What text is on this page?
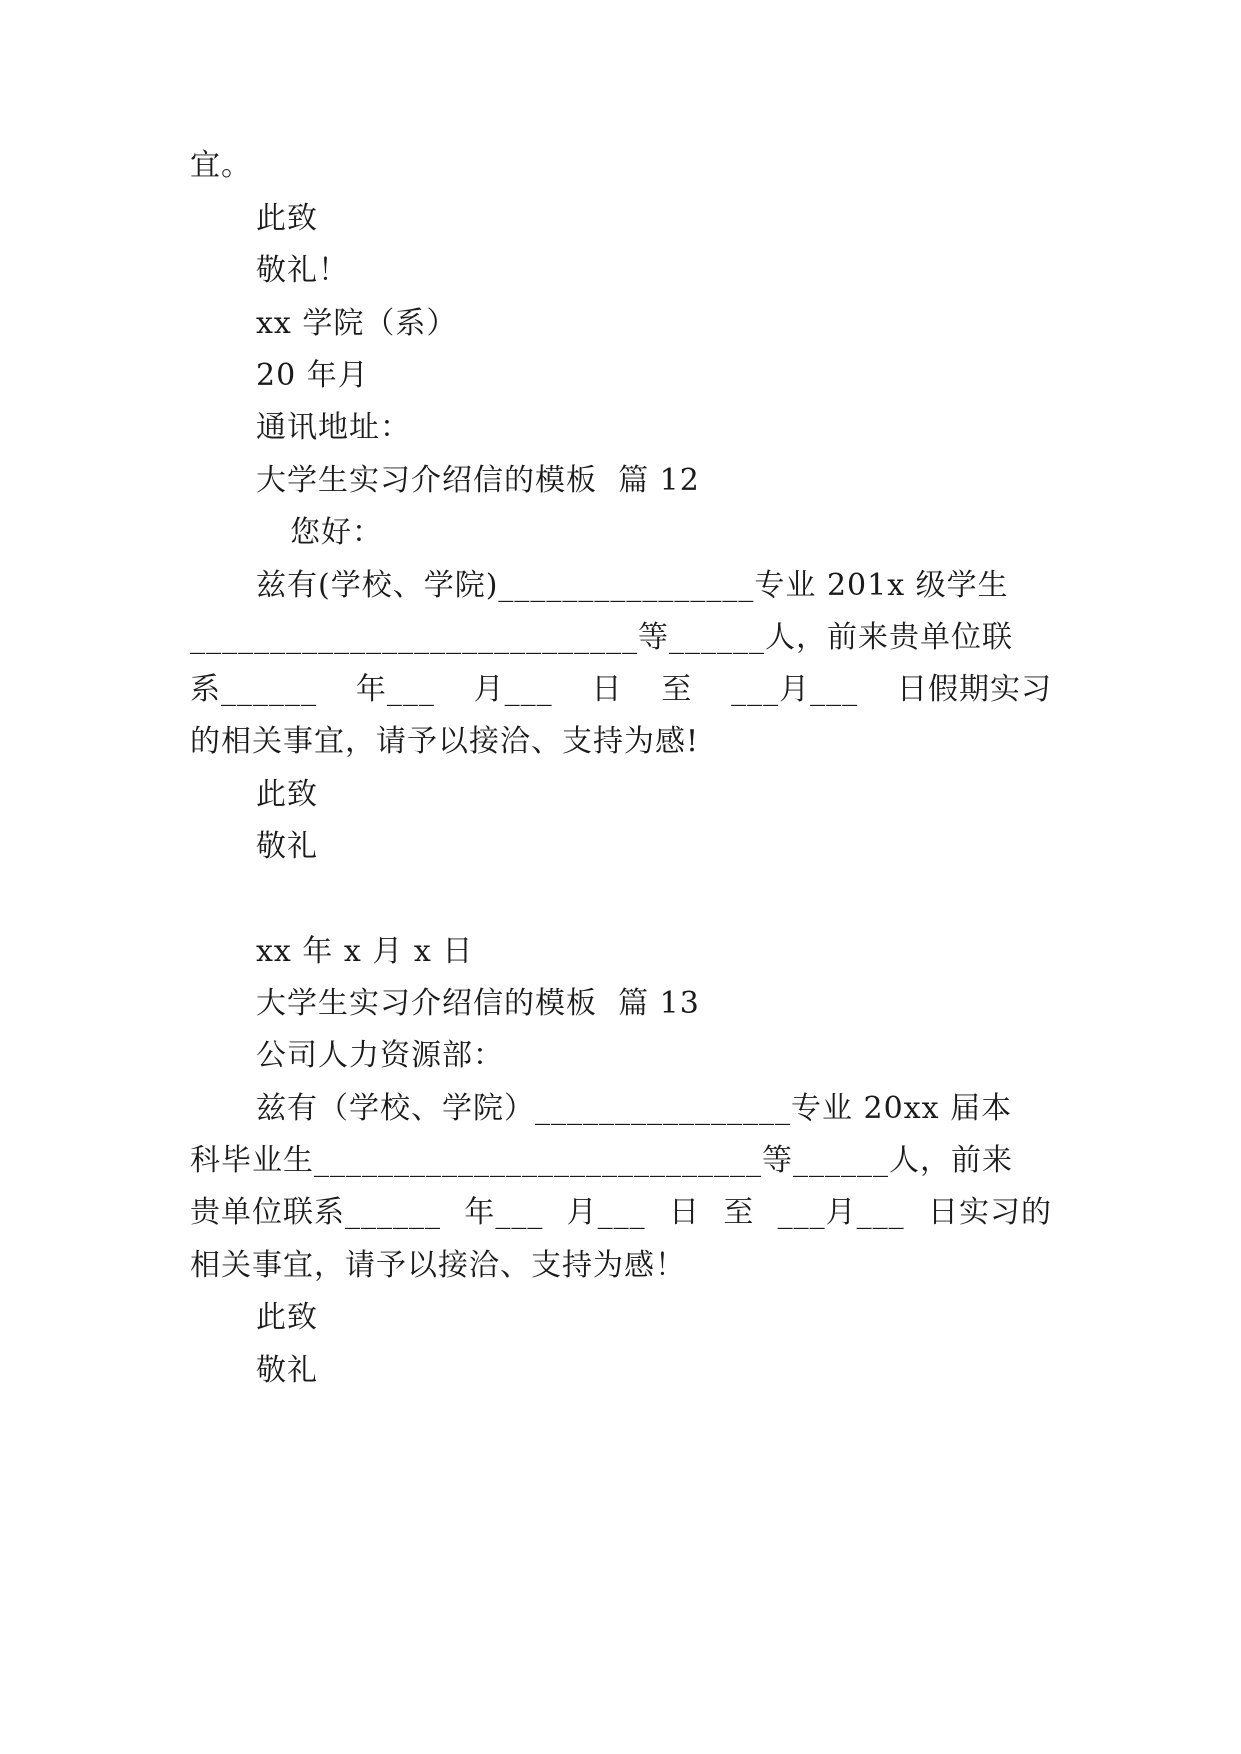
宜。
此致
敬礼！
xx 学院（系）
20 年月
通讯地址：
大学生实习介绍信的模板  篇 12
您好：
兹有(学校、学院)________________专业 201x 级学生
____________________________等______人，前来贵单位联
系______ 年___ 月___ 日 至 ___月___ 日假期实习
的相关事宜，请予以接洽、支持为感!
此致
敬礼
xx 年 x 月 x 日
大学生实习介绍信的模板  篇 13
公司人力资源部：
兹有（学校、学院）________________专业 20xx 届本
科毕业生____________________________等______人，前来
贵单位联系______ 年___ 月___ 日 至 ___月___ 日实习的
相关事宜，请予以接洽、支持为感！
此致
敬礼
